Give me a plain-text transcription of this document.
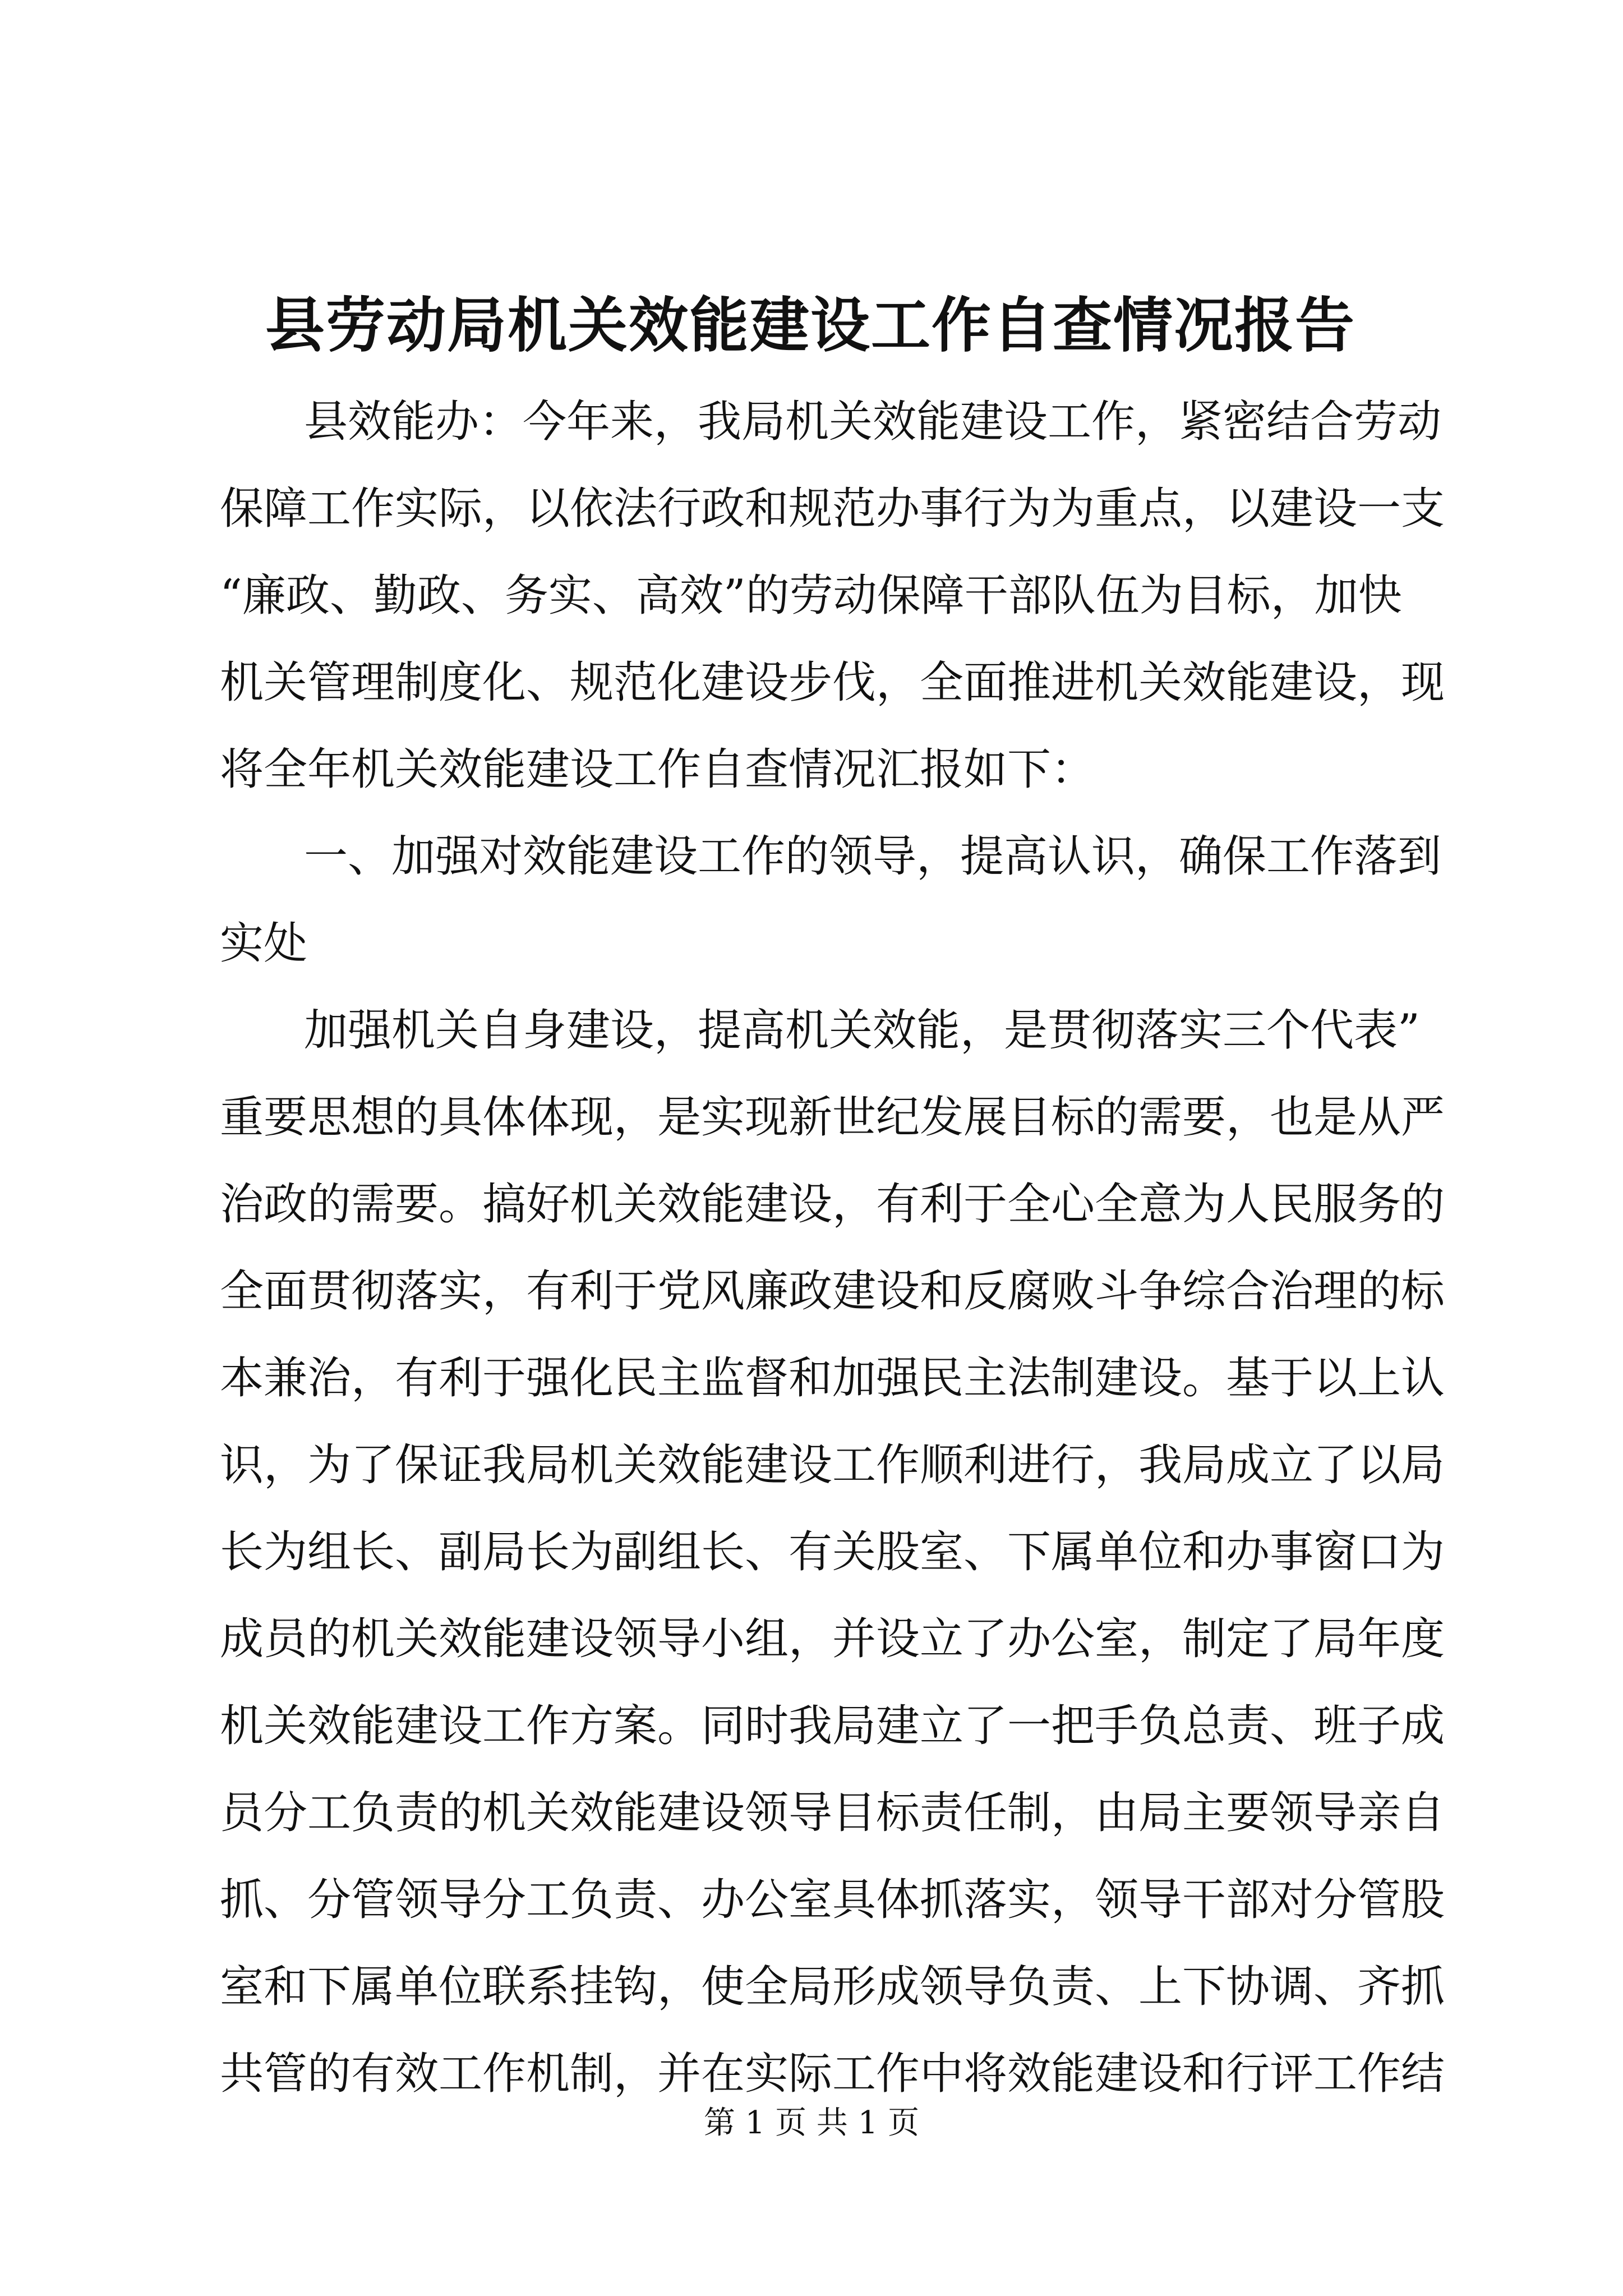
县劳动局机关效能建设工作自查情况报告
县效能办：今年来，我局机关效能建设工作，紧密结合劳动
保障工作实际，以依法行政和规范办事行为为重点，以建设一支
“廉政、勤政、务实、高效”的劳动保障干部队伍为目标，加快
机关管理制度化、规范化建设步伐，全面推进机关效能建设，现
将全年机关效能建设工作自查情况汇报如下：
一、加强对效能建设工作的领导，提高认识，确保工作落到
实处
加强机关自身建设，提高机关效能，是贯彻落实三个代表”
重要思想的具体体现，是实现新世纪发展目标的需要，也是从严
治政的需要。搞好机关效能建设，有利于全心全意为人民服务的
全面贯彻落实，有利于党风廉政建设和反腐败斗争综合治理的标
本兼治，有利于强化民主监督和加强民主法制建设。基于以上认
识，为了保证我局机关效能建设工作顺利进行，我局成立了以局
长为组长、副局长为副组长、有关股室、下属单位和办事窗口为
成员的机关效能建设领导小组，并设立了办公室，制定了局年度
机关效能建设工作方案。同时我局建立了一把手负总责、班子成
员分工负责的机关效能建设领导目标责任制，由局主要领导亲自
抓、分管领导分工负责、办公室具体抓落实，领导干部对分管股
室和下属单位联系挂钩，使全局形成领导负责、上下协调、齐抓
共管的有效工作机制，并在实际工作中将效能建设和行评工作结
第 1 页 共 1 页
